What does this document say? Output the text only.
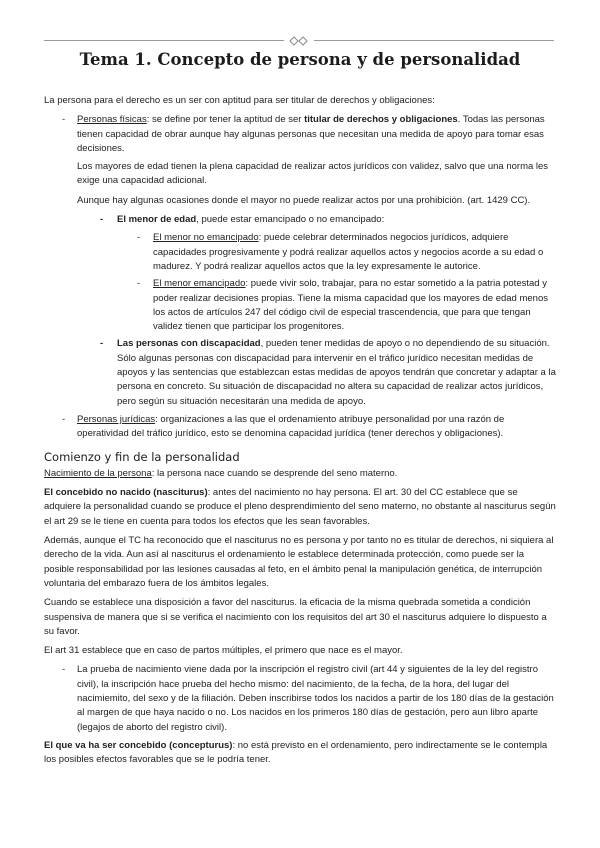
Tema 1. Concepto de persona y de personalidad

La persona para el derecho es un ser con aptitud para ser titular de derechos y obligaciones:

- Personas físicas: se define por tener la aptitud de ser titular de derechos y obligaciones. Todas las personas tienen capacidad de obrar aunque hay algunas personas que necesitan una medida de apoyo para tomar esas decisiones.

Los mayores de edad tienen la plena capacidad de realizar actos jurídicos con validez, salvo que una norma les exige una capacidad adicional.

Aunque hay algunas ocasiones donde el mayor no puede realizar actos por una prohibición. (art. 1429 CC).

- El menor de edad, puede estar emancipado o no emancipado:
- El menor no emancipado: puede celebrar determinados negocios jurídicos, adquiere capacidades progresivamente y podrá realizar aquellos actos y negocios acorde a su edad o madurez. Y podrá realizar aquellos actos que la ley expresamente le autorice.
- El menor emancipado: puede vivir solo, trabajar, para no estar sometido a la patria potestad y poder realizar decisiones propias. Tiene la misma capacidad que los mayores de edad menos los actos de artículos 247 del código civil de especial trascendencia, que para que tengan validez tienen que participar los progenitores.
- Las personas con discapacidad, pueden tener medidas de apoyo o no dependiendo de su situación. Sólo algunas personas con discapacidad para intervenir en el tráfico jurídico necesitan medidas de apoyos y las sentencias que establezcan estas medidas de apoyos tendrán que concretar y adaptar a la persona en concreto. Su situación de discapacidad no altera su capacidad de realizar actos jurídicos, pero según su situación necesitarán una medida de apoyo.
- Personas jurídicas: organizaciones a las que el ordenamiento atribuye personalidad por una razón de operatividad del tráfico jurídico, esto se denomina capacidad jurídica (tener derechos y obligaciones).
Comienzo y fin de la personalidad

Nacimiento de la persona: la persona nace cuando se desprende del seno materno.

El concebido no nacido (nasciturus): antes del nacimiento no hay persona. El art. 30 del CC establece que se adquiere la personalidad cuando se produce el pleno desprendimiento del seno materno, no obstante al nasciturus según el art 29 se le tiene en cuenta para todos los efectos que les sean favorables.

Además, aunque el TC ha reconocido que el nasciturus no es persona y por tanto no es titular de derechos, ni siquiera al derecho de la vida. Aun así al nasciturus el ordenamiento le establece determinada protección, como puede ser la posible responsabilidad por las lesiones causadas al feto, en el ámbito penal la manipulación genética, de interrupción voluntaria del embarazo fuera de los ámbitos legales.

Cuando se establece una disposición a favor del nasciturus. la eficacia de la misma quebrada sometida a condición suspensiva de manera que si se verifica el nacimiento con los requisitos del art 30 el nasciturus adquiere lo dispuesto a su favor.

El art 31 establece que en caso de partos múltiples, el primero que nace es el mayor.

- La prueba de nacimiento viene dada por la inscripción el registro civil (art 44 y siguientes de la ley del registro civil), la inscripción hace prueba del hecho mismo: del nacimiento, de la fecha, de la hora, del lugar del nacimiemito, del sexo y de la filiación. Deben inscribirse todos los nacidos a partir de los 180 días de la gestación al margen de que haya nacido o no. Los nacidos en los primeros 180 días de gestación, pero aun libro aparte (legajos de aborto del registro civil).

El que va ha ser concebido (concepturus): no está previsto en el ordenamiento, pero indirectamente se le contempla los posibles efectos favorables que se le podría tener.
